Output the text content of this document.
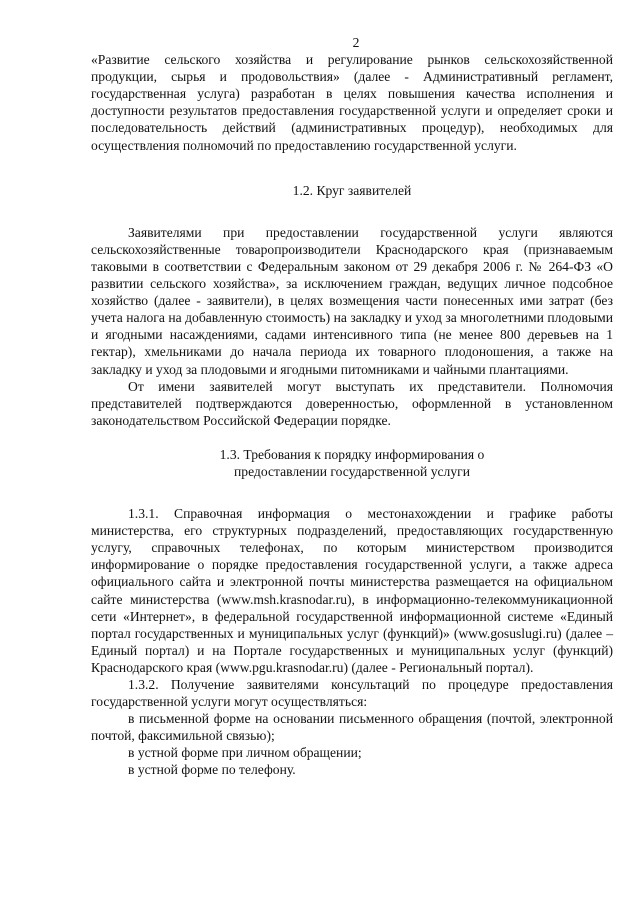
2

«Развитие сельского хозяйства и регулирование рынков сельскохозяйственной продукции, сырья и продовольствия» (далее - Административный регламент, государственная услуга) разработан в целях повышения качества исполнения и доступности результатов предоставления государственной услуги и определяет сроки и последовательность действий (административных процедур), необходимых для осуществления полномочий по предоставлению государственной услуги.

1.2. Круг заявителей

Заявителями при предоставлении государственной услуги являются сельскохозяйственные товаропроизводители Краснодарского края (признаваемым таковыми в соответствии с Федеральным законом от 29 декабря 2006 г. № 264-ФЗ «О развитии сельского хозяйства», за исключением граждан, ведущих личное подсобное хозяйство (далее - заявители), в целях возмещения части понесенных ими затрат (без учета налога на добавленную стоимость) на закладку и уход за многолетними плодовыми и ягодными насаждениями, садами интенсивного типа (не менее 800 деревьев на 1 гектар), хмельниками до начала периода их товарного плодоношения, а также на закладку и уход за плодовыми и ягодными питомниками и чайными плантациями.

От имени заявителей могут выступать их представители. Полномочия представителей подтверждаются доверенностью, оформленной в установленном законодательством Российской Федерации порядке.

1.3. Требования к порядку информирования о

предоставлении государственной услуги

1.3.1. Справочная информация о местонахождении и графике работы министерства, его структурных подразделений, предоставляющих государственную услугу, справочных телефонах, по которым министерством производится информирование о порядке предоставления государственной услуги, а также адреса официального сайта и электронной почты министерства размещается на официальном сайте министерства (www.msh.krasnodar.ru), в информационно-телекоммуникационной сети «Интернет», в федеральной государственной информационной системе «Единый портал государственных и муниципальных услуг (функций)» (www.gosuslugi.ru) (далее – Единый портал) и на Портале государственных и муниципальных услуг (функций) Краснодарского края (www.pgu.krasnodar.ru) (далее - Региональный портал).

1.3.2. Получение заявителями консультаций по процедуре предоставления государственной услуги могут осуществляться:

в письменной форме на основании письменного обращения (почтой, электронной почтой, факсимильной связью);

в устной форме при личном обращении;

в устной форме по телефону.
